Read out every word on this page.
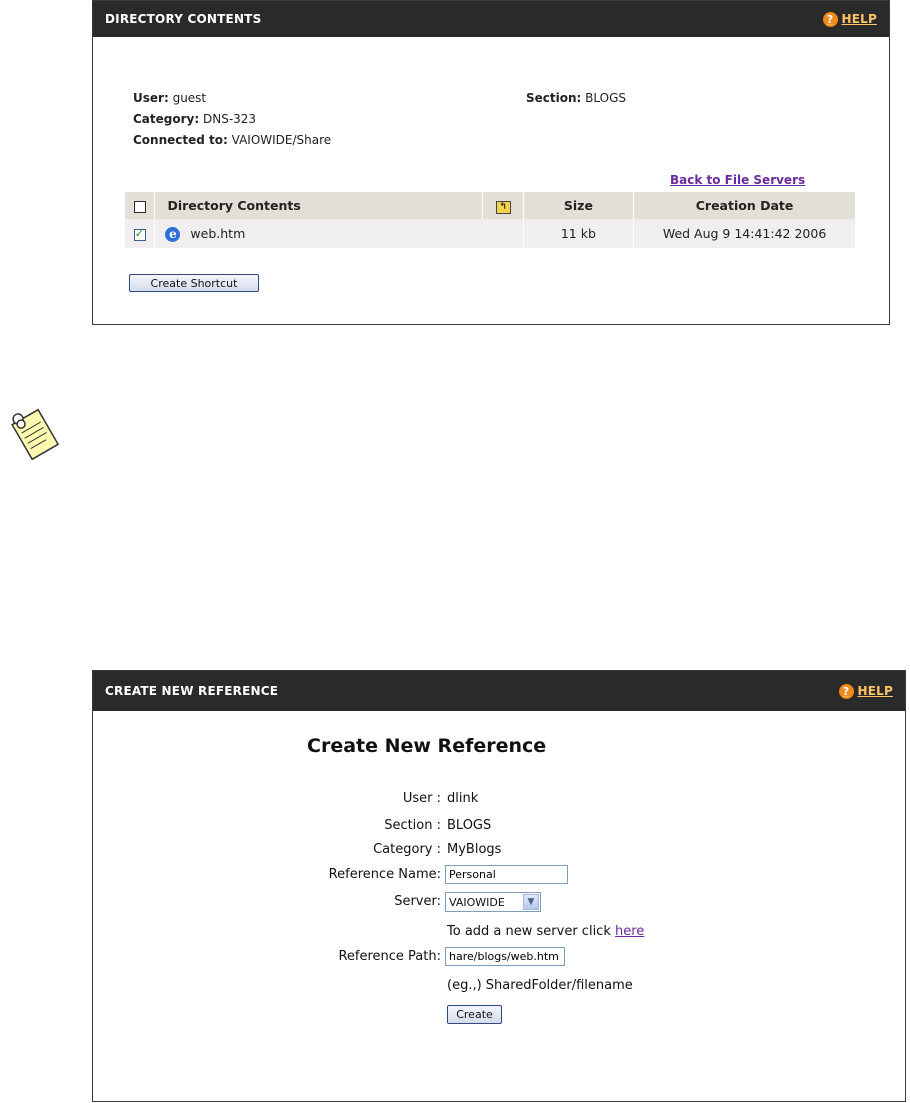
DIRECTORY CONTENTS	? HELP
User: guest
Category: DNS-323
Connected to: VAIOWIDE/Share
Section: BLOGS
Back to File Servers
	Directory Contents	↰	Size	Creation Date
✓	e web.htm		11 kb	Wed Aug 9 14:41:42 2006
Create Shortcut
CREATE NEW REFERENCE	? HELP
Create New Reference
User : dlink
Section : BLOGS
Category : MyBlogs
Reference Name:
Personal
Server: VAIOWIDE	▼
To add a new server click here
Reference Path:
hare/blogs/web.htm
(eg.,) SharedFolder/filename
Create
